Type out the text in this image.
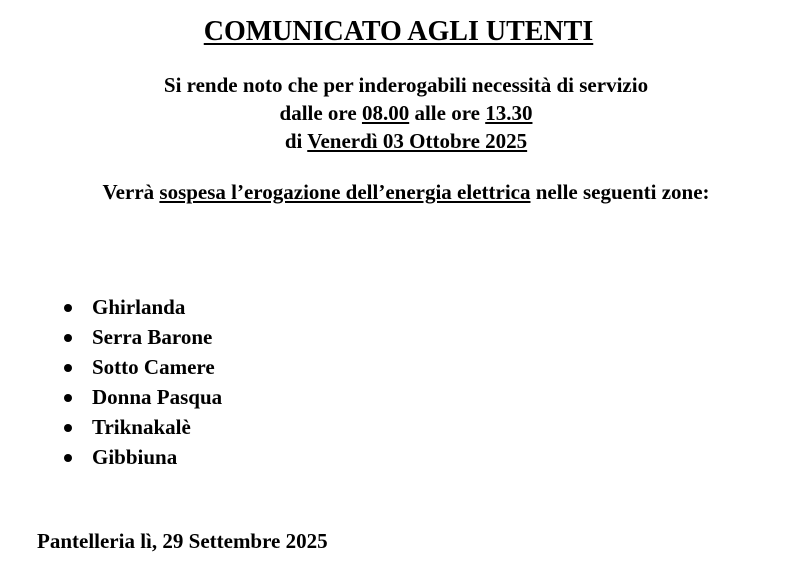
COMUNICATO AGLI UTENTI
Si rende noto che per inderogabili necessità di servizio
dalle ore 08.00 alle ore 13.30
di Venerdì 03 Ottobre 2025
Verrà sospesa l’erogazione dell’energia elettrica nelle seguenti zone:
Ghirlanda
Serra Barone
Sotto Camere
Donna Pasqua
Triknakalè
Gibbiuna
Pantelleria lì, 29 Settembre 2025
